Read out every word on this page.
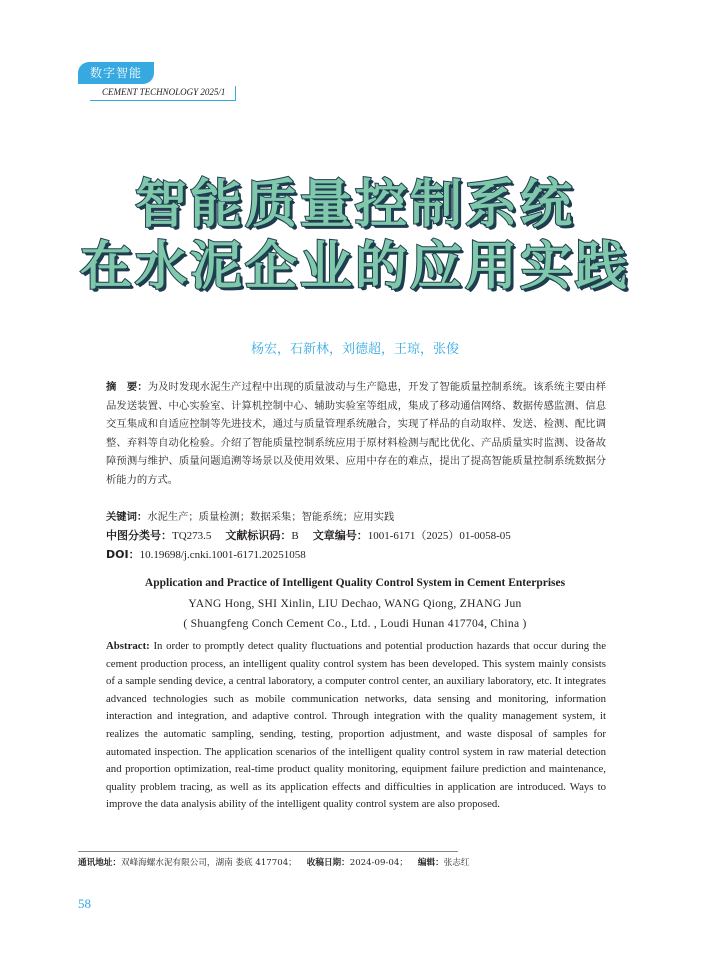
数字智能
CEMENT TECHNOLOGY 2025/1
智能质量控制系统
在水泥企业的应用实践
杨宏，石新林，刘德超，王琼，张俊
摘　要：为及时发现水泥生产过程中出现的质量波动与生产隐患，开发了智能质量控制系统。该系统主要由样品发送装置、中心实验室、计算机控制中心、辅助实验室等组成，集成了移动通信网络、数据传感监测、信息交互集成和自适应控制等先进技术，通过与质量管理系统融合，实现了样品的自动取样、发送、检测、配比调整、弃料等自动化检验。介绍了智能质量控制系统应用于原材料检测与配比优化、产品质量实时监测、设备故障预测与维护、质量问题追溯等场景以及使用效果、应用中存在的难点，提出了提高智能质量控制系统数据分析能力的方式。
关键词：水泥生产；质量检测；数据采集；智能系统；应用实践
中图分类号：TQ273.5 文献标识码：B 文章编号：1001-6171（2025）01-0058-05
DOI：10.19698/j.cnki.1001-6171.20251058
Application and Practice of Intelligent Quality Control System in Cement Enterprises
YANG Hong, SHI Xinlin, LIU Dechao, WANG Qiong, ZHANG Jun
( Shuangfeng Conch Cement Co., Ltd. , Loudi Hunan 417704, China )
Abstract: In order to promptly detect quality fluctuations and potential production hazards that occur during the cement production process, an intelligent quality control system has been developed. This system mainly consists of a sample sending device, a central laboratory, a computer control center, an auxiliary laboratory, etc. It integrates advanced technologies such as mobile communication networks, data sensing and monitoring, information interaction and integration, and adaptive control. Through integration with the quality management system, it realizes the automatic sampling, sending, testing, proportion adjustment, and waste disposal of samples for automated inspection. The application scenarios of the intelligent quality control system in raw material detection and proportion optimization, real-time product quality monitoring, equipment failure prediction and maintenance, quality problem tracing, as well as its application effects and difficulties in application are introduced. Ways to improve the data analysis ability of the intelligent quality control system are also proposed.
通讯地址：双峰海螺水泥有限公司，湖南 娄底 417704； 收稿日期：2024-09-04； 编辑：张志红
58
